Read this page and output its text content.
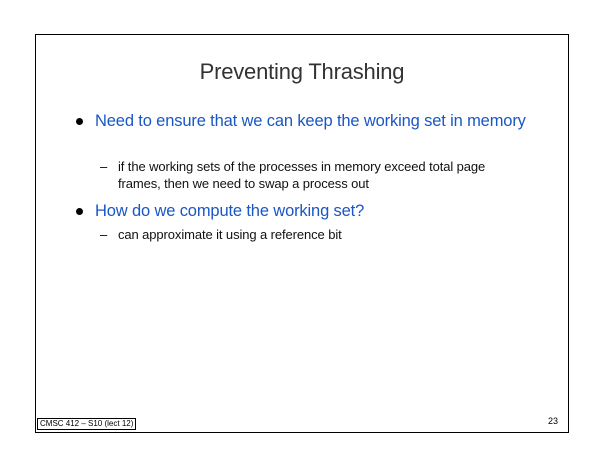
Preventing Thrashing
Need to ensure that we can keep the working set in memory
– if the working sets of the processes in memory exceed total page frames, then we need to swap a process out
How do we compute the working set?
– can approximate it using a reference bit
CMSC 412 – S10 (lect 12)	23
